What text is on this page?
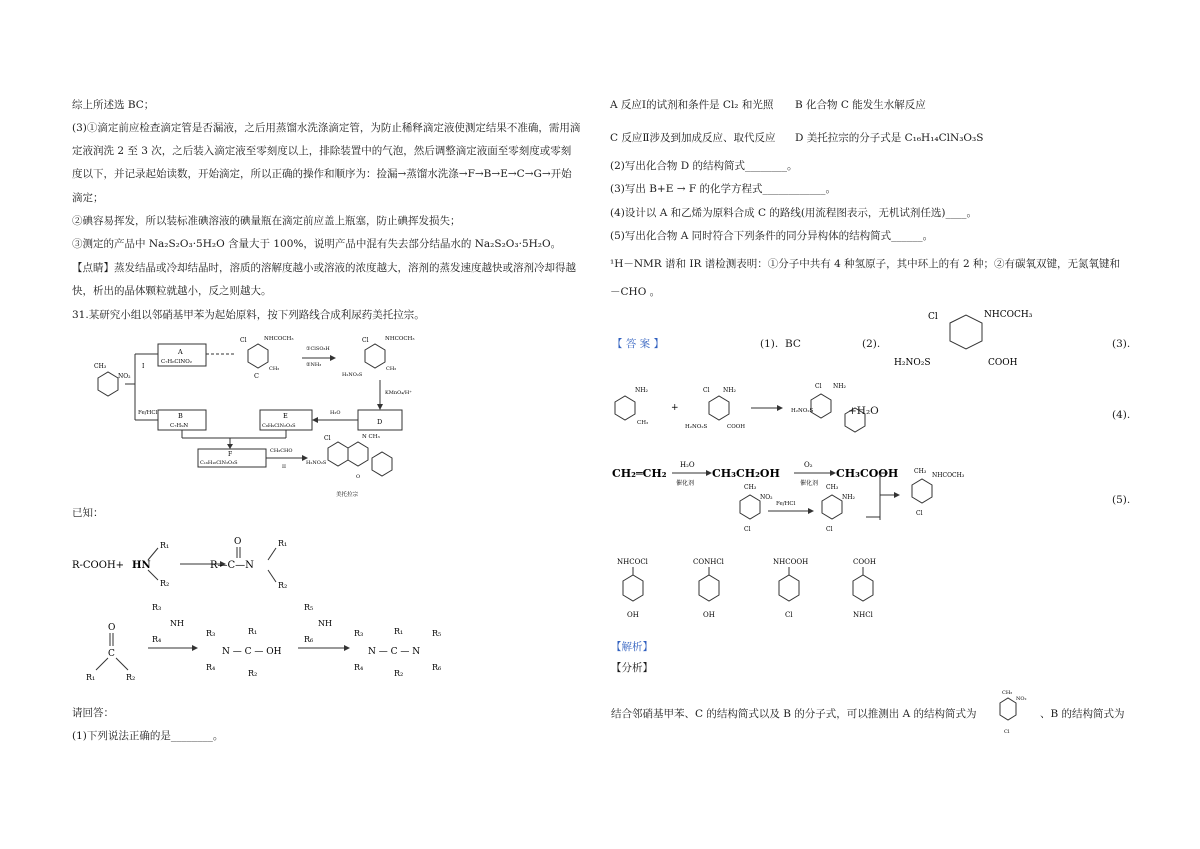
综上所述选 BC；
(3)①滴定前应检查滴定管是否漏液，之后用蒸馏水洗涤滴定管，为防止稀释滴定液使测定结果不准确，需用滴
定液润洗 2 至 3 次，之后装入滴定液至零刻度以上，排除装置中的气泡，然后调整滴定液面至零刻度或零刻
度以下，并记录起始读数，开始滴定，所以正确的操作和顺序为：捡漏→蒸馏水洗涤→F→B→E→C→G→开始
滴定；
②碘容易挥发，所以装标准碘溶液的碘量瓶在滴定前应盖上瓶塞，防止碘挥发损失；
③测定的产品中 Na₂S₂O₃·5H₂O 含量大于 100%，说明产品中混有失去部分结晶水的 Na₂S₂O₃·5H₂O。
【点睛】蒸发结晶或冷却结晶时，溶质的溶解度越小或溶液的浓度越大，溶剂的蒸发速度越快或溶剂冷却得越
快，析出的晶体颗粒就越小，反之则越大。
31.某研究小组以邻硝基甲苯为起始原料，按下列路线合成利尿药美托拉宗。
CH₃
NO₂
I
Fe/HCl
A
C₇H₆ClNO₂
Cl	NHCOCH₃
CH₃
C
①ClSO₃H
②NH₃
Cl	NHCOCH₃
CH₃
H₂NO₂S
KMnO₄/H⁺
D
H₂O
E
C₈H₉ClN₂O₃S
B
C₇H₉N
F
C₁₆H₁₆ClN₃O₃S
CH₃CHO
II
Cl	N CH₃
H₂NO₂S
O
美托拉宗
已知：
R-COOH+ HN
R₁
R₂
R—C—N
O	R₁
R₂
O
C
R₁	R₂
R₃
NH
R₄
R₃
R₄
N — C — OH
R₁
R₂
R₅
NH
R₆
R₃
R₄
N — C — N
R₁
R₂
R₅
R₆
请回答：
(1)下列说法正确的是________。
A 反应Ⅰ的试剂和条件是 Cl₂ 和光照 B 化合物 C 能发生水解反应
C 反应Ⅱ涉及到加成反应、取代反应 D 美托拉宗的分子式是 C₁₆H₁₄ClN₃O₃S
(2)写出化合物 D 的结构简式________。
(3)写出 B+E → F 的化学方程式____________。
(4)设计以 A 和乙烯为原料合成 C 的路线(用流程图表示，无机试剂任选)____。
(5)写出化合物 A 同时符合下列条件的同分异构体的结构简式______。
¹H－NMR 谱和 IR 谱检测表明：①分子中共有 4 种氢原子，其中环上的有 2 种；②有碳氧双键，无氮氧键和
－CHO 。
【 答 案 】	(1). BC	(2).	(3).
Cl	NHCOCH₃
H₂NO₂S	COOH
NH₂
CH₃
+
NH₂
Cl
H₂NO₂S	COOH
H₂NO₂S
Cl NH₂
+H₂O	(4).
CH₂═CH₂
H₂O
催化剂
CH₃CH₂OH
O₂
催化剂
CH₃COOH
CH₃
NO₂
Cl
Fe/HCl
CH₃
NH₂
Cl
CH₃
NHCOCH₃
Cl
(5).
NHCOCl
OH
CONHCl
OH
NHCOOH
Cl
COOH
NHCl
【解析】
【分析】
结合邻硝基甲苯、C 的结构简式以及 B 的分子式，可以推测出 A 的结构简式为
CH₃
NO₂
Cl
、B 的结构简式为
